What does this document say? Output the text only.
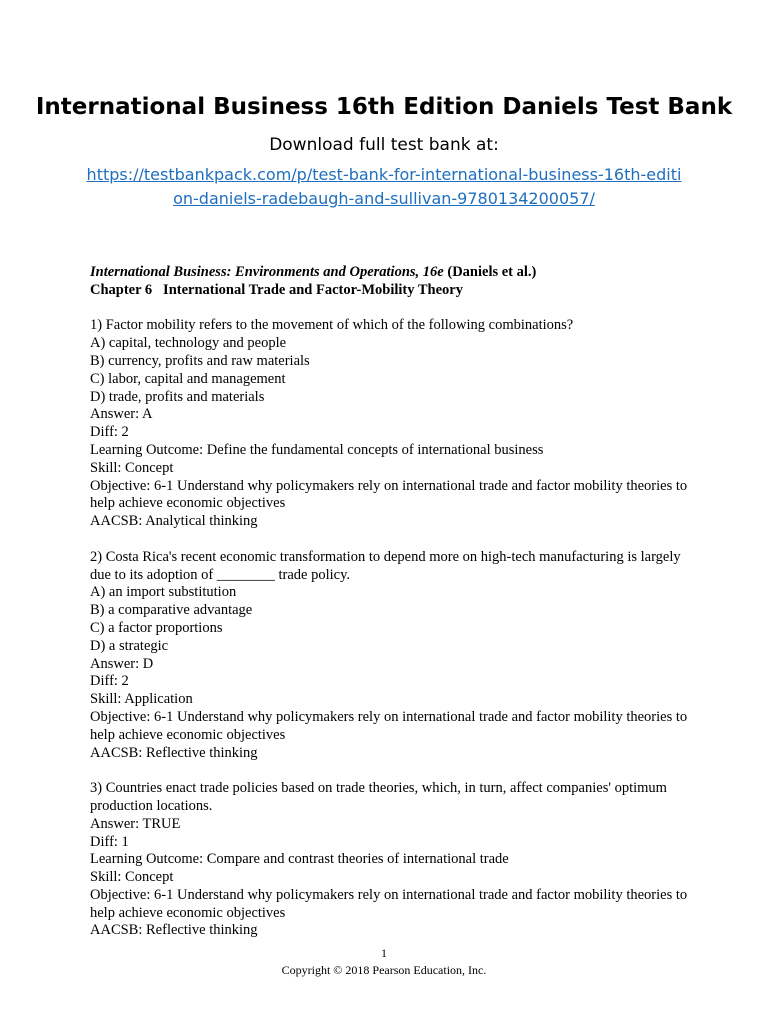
International Business 16th Edition Daniels Test Bank

Download full test bank at:

https://testbankpack.com/p/test-bank-for-international-business-16th-edition-daniels-radebaugh-and-sullivan-9780134200057/

International Business: Environments and Operations, 16e (Daniels et al.)

Chapter 6 International Trade and Factor-Mobility Theory

1) Factor mobility refers to the movement of which of the following combinations?

A) capital, technology and people

B) currency, profits and raw materials

C) labor, capital and management

D) trade, profits and materials

Answer: A

Diff: 2

Learning Outcome: Define the fundamental concepts of international business

Skill: Concept

Objective: 6-1 Understand why policymakers rely on international trade and factor mobility theories to help achieve economic objectives

AACSB: Analytical thinking

2) Costa Rica's recent economic transformation to depend more on high-tech manufacturing is largely due to its adoption of ________ trade policy.

A) an import substitution

B) a comparative advantage

C) a factor proportions

D) a strategic

Answer: D

Diff: 2

Skill: Application

Objective: 6-1 Understand why policymakers rely on international trade and factor mobility theories to help achieve economic objectives

AACSB: Reflective thinking

3) Countries enact trade policies based on trade theories, which, in turn, affect companies' optimum production locations.

Answer: TRUE

Diff: 1

Learning Outcome: Compare and contrast theories of international trade

Skill: Concept

Objective: 6-1 Understand why policymakers rely on international trade and factor mobility theories to help achieve economic objectives

AACSB: Reflective thinking

1

Copyright © 2018 Pearson Education, Inc.
